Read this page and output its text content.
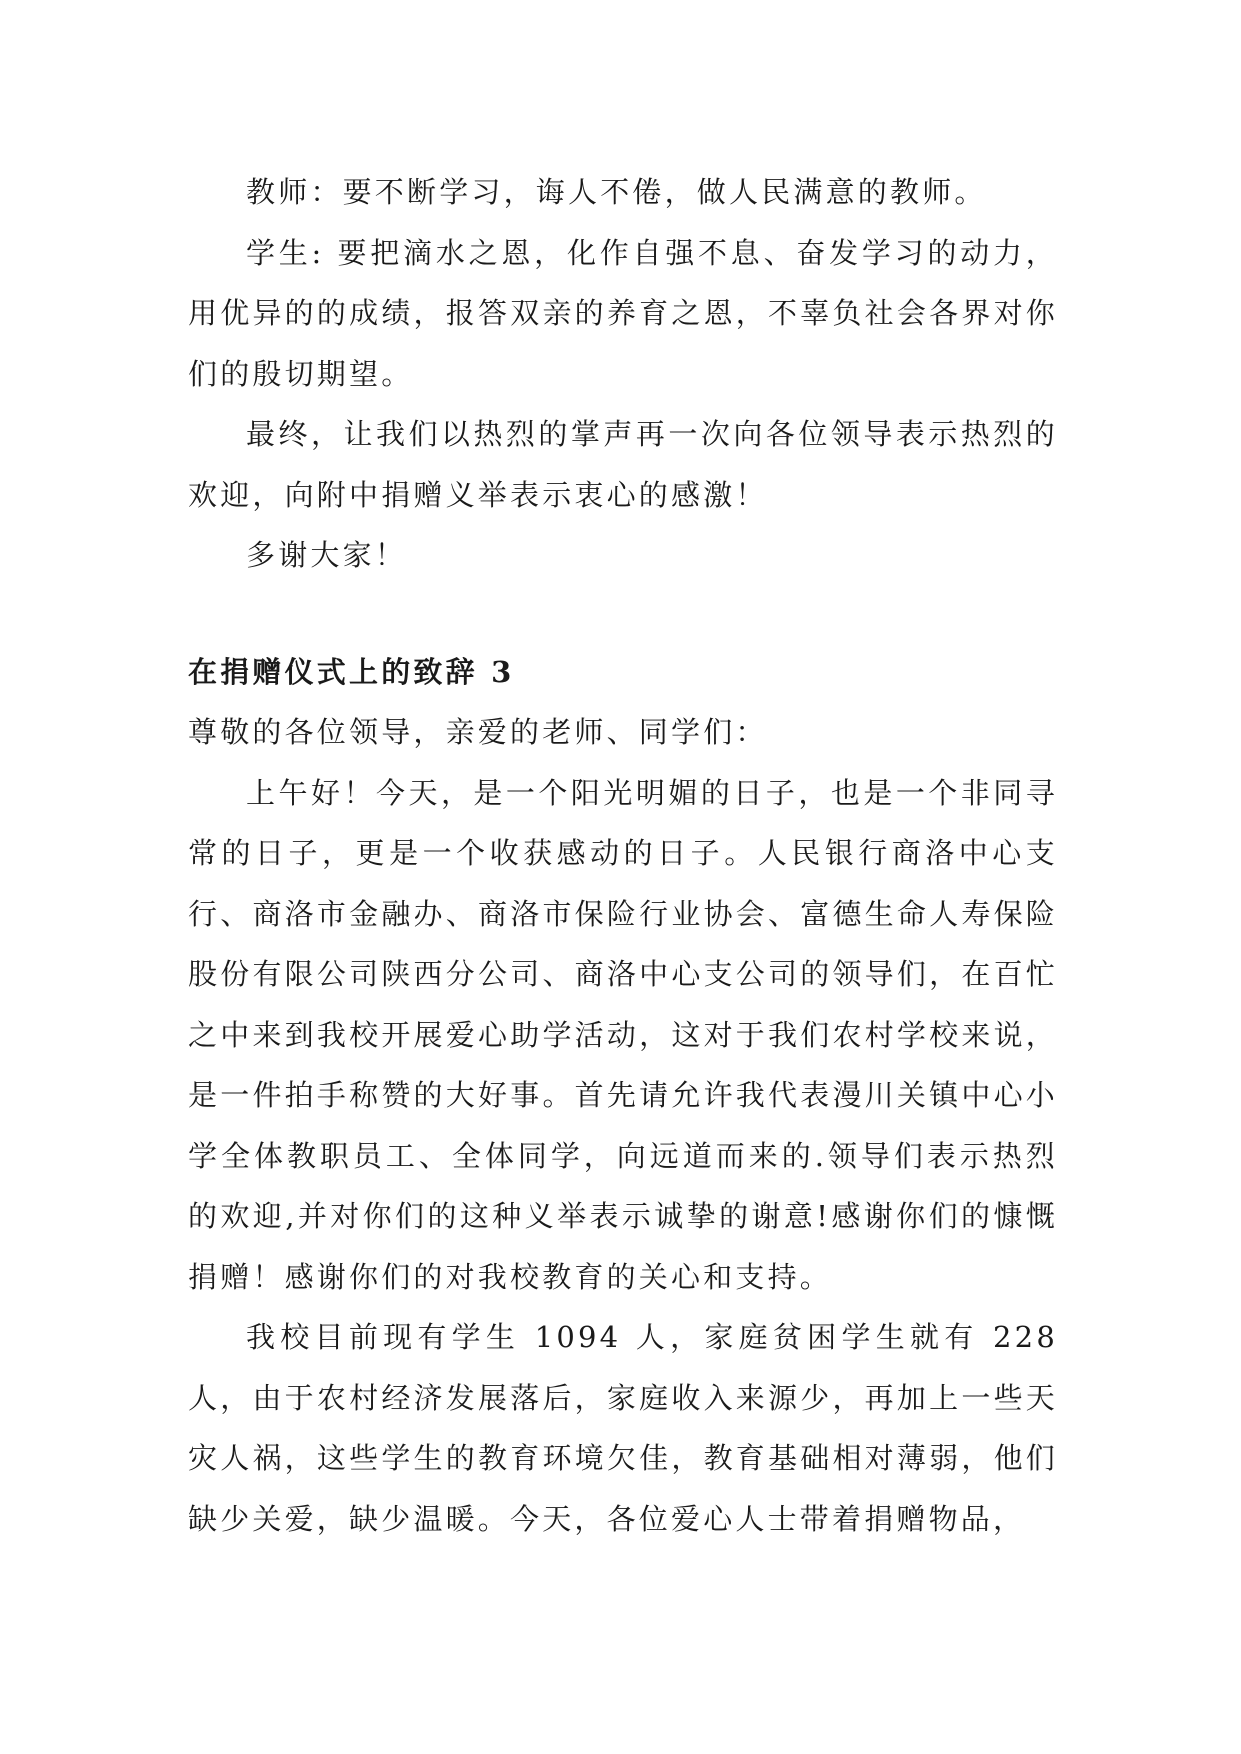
教师：要不断学习，诲人不倦，做人民满意的教师。

学生: 要把滴水之恩，化作自强不息、奋发学习的动力，用优异的的成绩，报答双亲的养育之恩，不辜负社会各界对你们的殷切期望。

最终，让我们以热烈的掌声再一次向各位领导表示热烈的欢迎，向附中捐赠义举表示衷心的感激！

多谢大家！

在捐赠仪式上的致辞 3

尊敬的各位领导，亲爱的老师、同学们：

上午好！今天，是一个阳光明媚的日子，也是一个非同寻常的日子，更是一个收获感动的日子。人民银行商洛中心支行、商洛市金融办、商洛市保险行业协会、富德生命人寿保险股份有限公司陕西分公司、商洛中心支公司的领导们，在百忙之中来到我校开展爱心助学活动，这对于我们农村学校来说，是一件拍手称赞的大好事。首先请允许我代表漫川关镇中心小学全体教职员工、全体同学，向远道而来的.领导们表示热烈的欢迎,并对你们的这种义举表示诚挚的谢意!感谢你们的慷慨捐赠！感谢你们的对我校教育的关心和支持。

我校目前现有学生 1094 人，家庭贫困学生就有 228 人，由于农村经济发展落后，家庭收入来源少，再加上一些天灾人祸，这些学生的教育环境欠佳，教育基础相对薄弱，他们缺少关爱，缺少温暖。今天，各位爱心人士带着捐赠物品，
